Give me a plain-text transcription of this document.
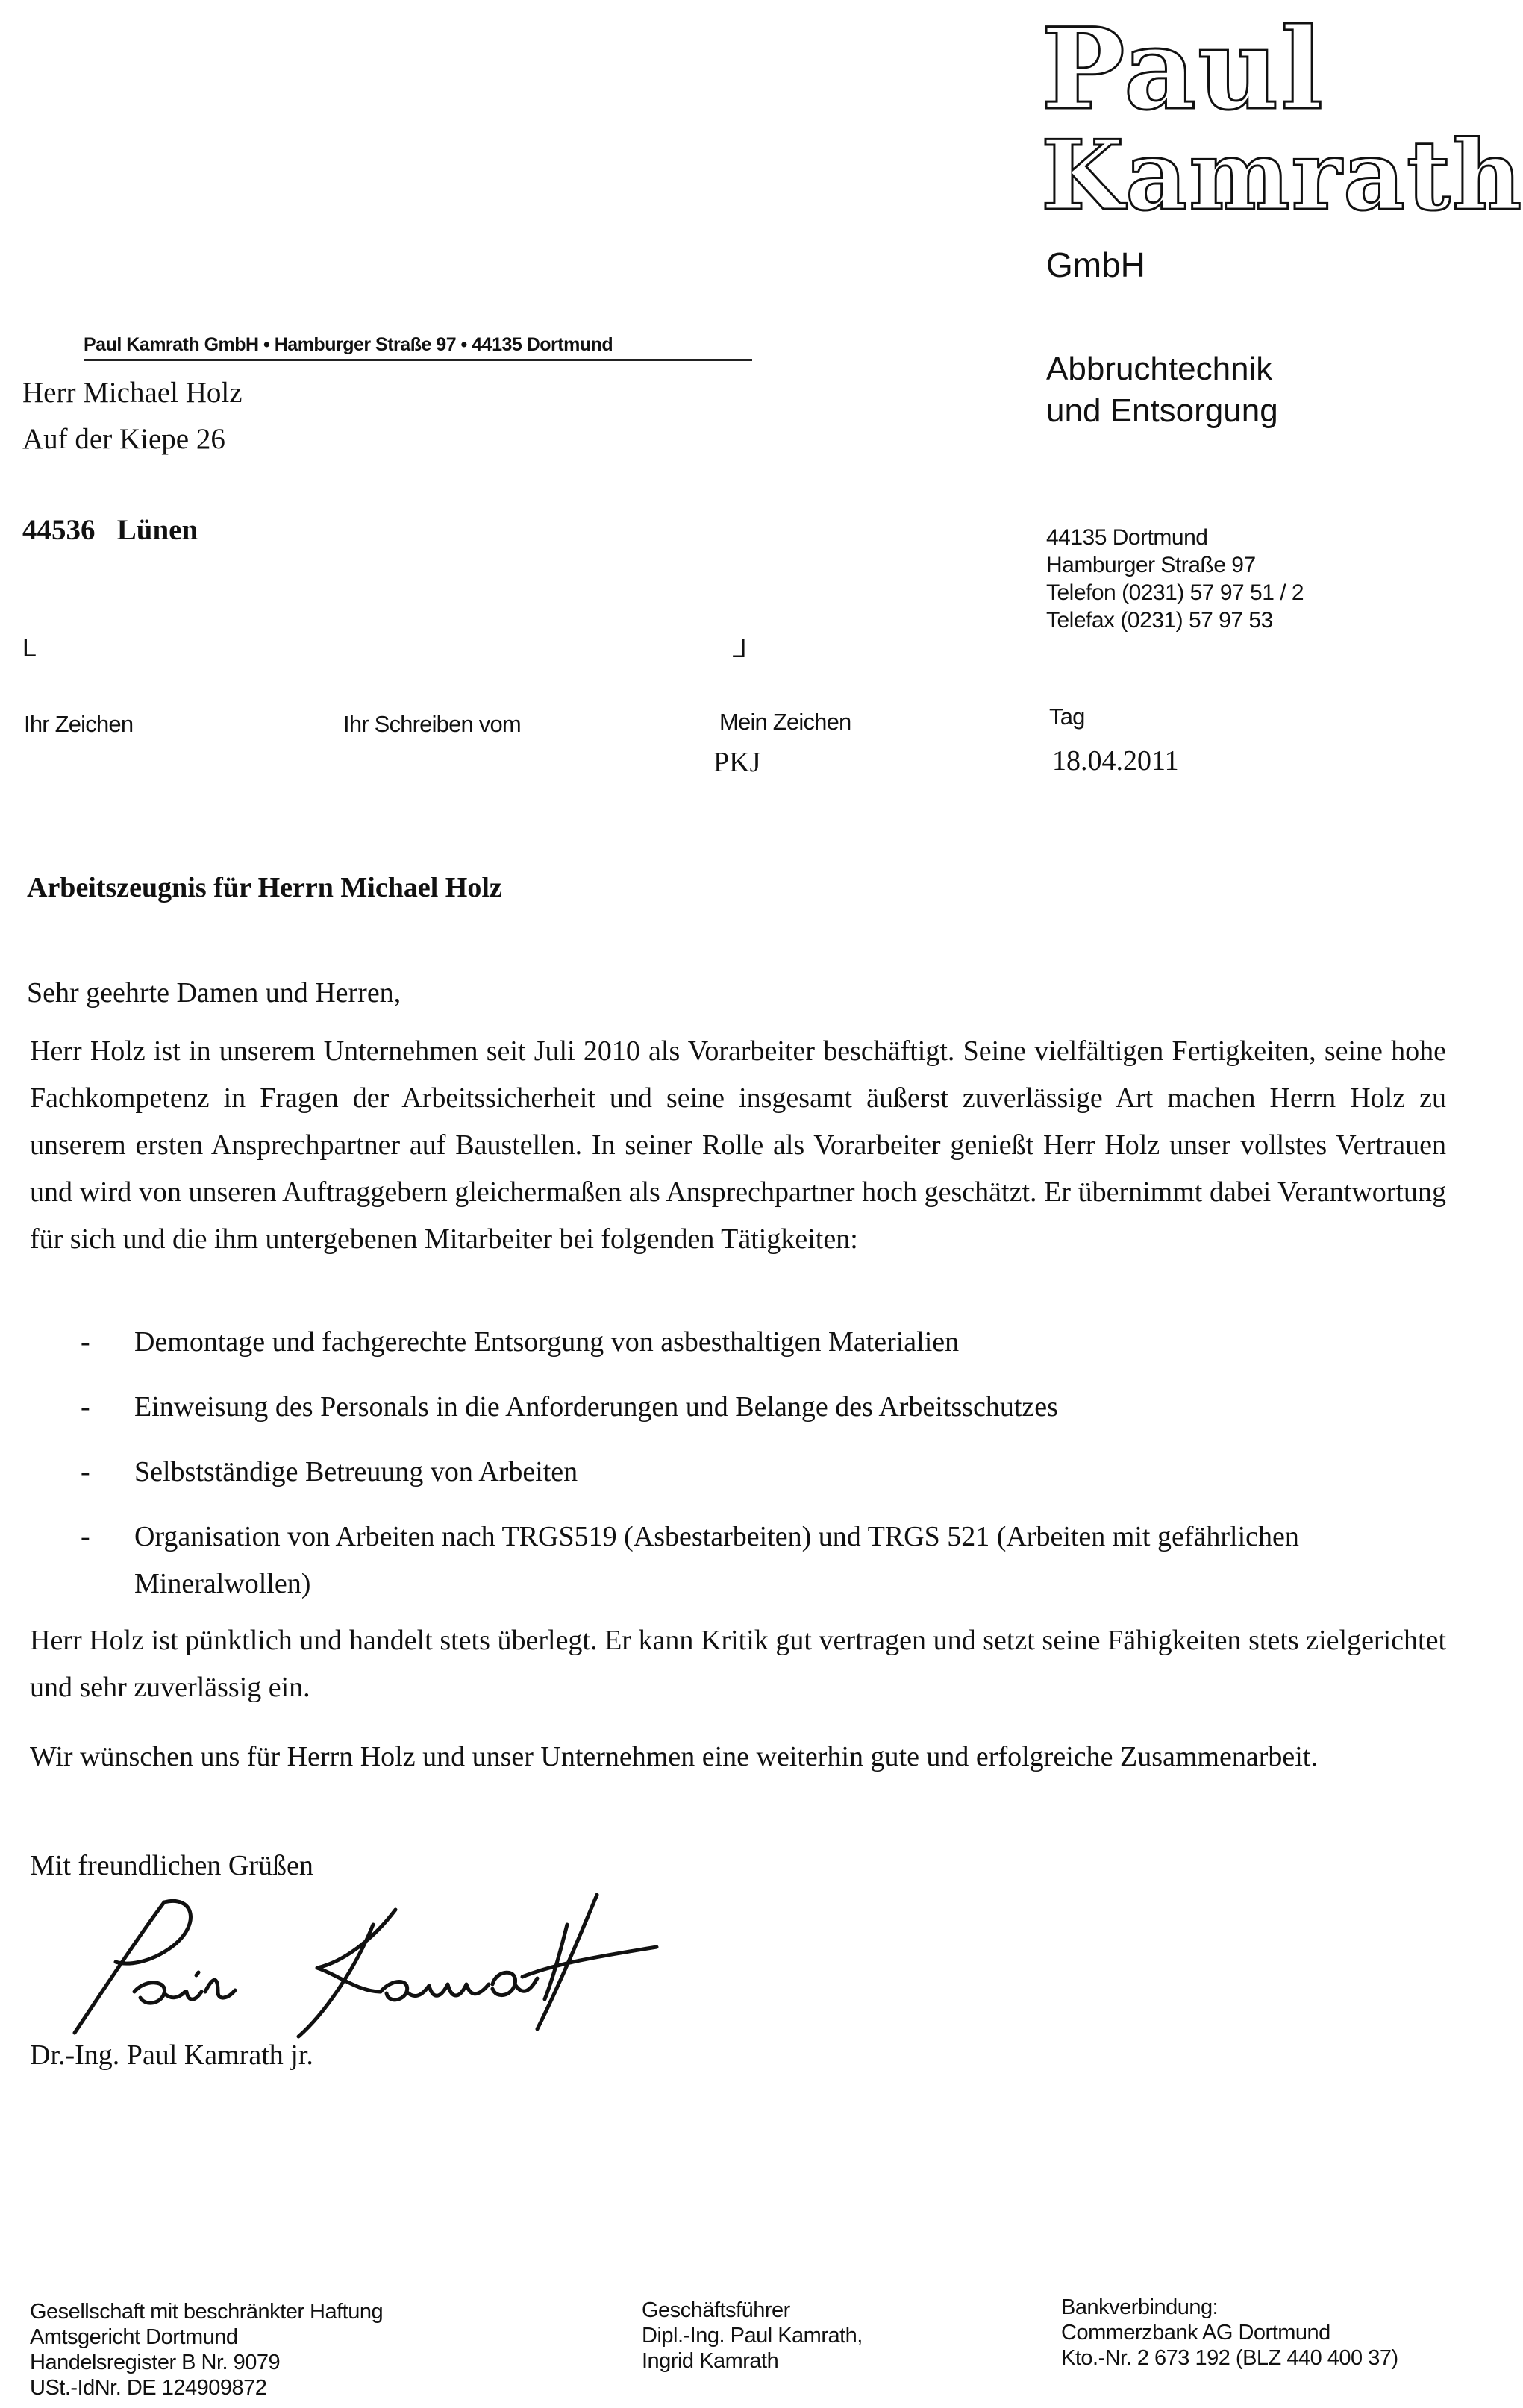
Paul
Kamrath
GmbH
Paul Kamrath GmbH • Hamburger Straße 97 • 44135 Dortmund
Herr Michael Holz
Auf der Kiepe 26
44536   Lünen
Abbruchtechnik
und Entsorgung
44135 Dortmund
Hamburger Straße 97
Telefon (0231) 57 97 51 / 2
Telefax (0231) 57 97 53
L	⅃
Ihr Zeichen	Ihr Schreiben vom	Mein Zeichen
PKJ
Tag
18.04.2011
Arbeitszeugnis für Herrn Michael Holz
Sehr geehrte Damen und Herren,
Herr Holz ist in unserem Unternehmen seit Juli 2010 als Vorarbeiter beschäftigt. Seine vielfältigen Fertigkeiten, seine hohe Fachkompetenz in Fragen der Arbeitssicherheit und seine insgesamt äußerst zuverlässige Art machen Herrn Holz zu unserem ersten Ansprechpartner auf Baustellen. In seiner Rolle als Vorarbeiter genießt Herr Holz unser vollstes Vertrauen und wird von unseren Auftraggebern gleichermaßen als Ansprechpartner hoch geschätzt. Er übernimmt dabei Verantwortung für sich und die ihm untergebenen Mitarbeiter bei folgenden Tätigkeiten:
- Demontage und fachgerechte Entsorgung von asbesthaltigen Materialien
- Einweisung des Personals in die Anforderungen und Belange des Arbeitsschutzes
- Selbstständige Betreuung von Arbeiten
- Organisation von Arbeiten nach TRGS519 (Asbestarbeiten) und TRGS 521 (Arbeiten mit gefährlichen Mineralwollen)
Herr Holz ist pünktlich und handelt stets überlegt. Er kann Kritik gut vertragen und setzt seine Fähigkeiten stets zielgerichtet und sehr zuverlässig ein.
Wir wünschen uns für Herrn Holz und unser Unternehmen eine weiterhin gute und erfolgreiche Zusammenarbeit.
Mit freundlichen Grüßen
Dr.-Ing. Paul Kamrath jr.
Gesellschaft mit beschränkter Haftung
Amtsgericht Dortmund
Handelsregister B Nr. 9079
USt.-IdNr. DE 124909872
Geschäftsführer
Dipl.-Ing. Paul Kamrath,
Ingrid Kamrath
Bankverbindung:
Commerzbank AG Dortmund
Kto.-Nr. 2 673 192 (BLZ 440 400 37)
